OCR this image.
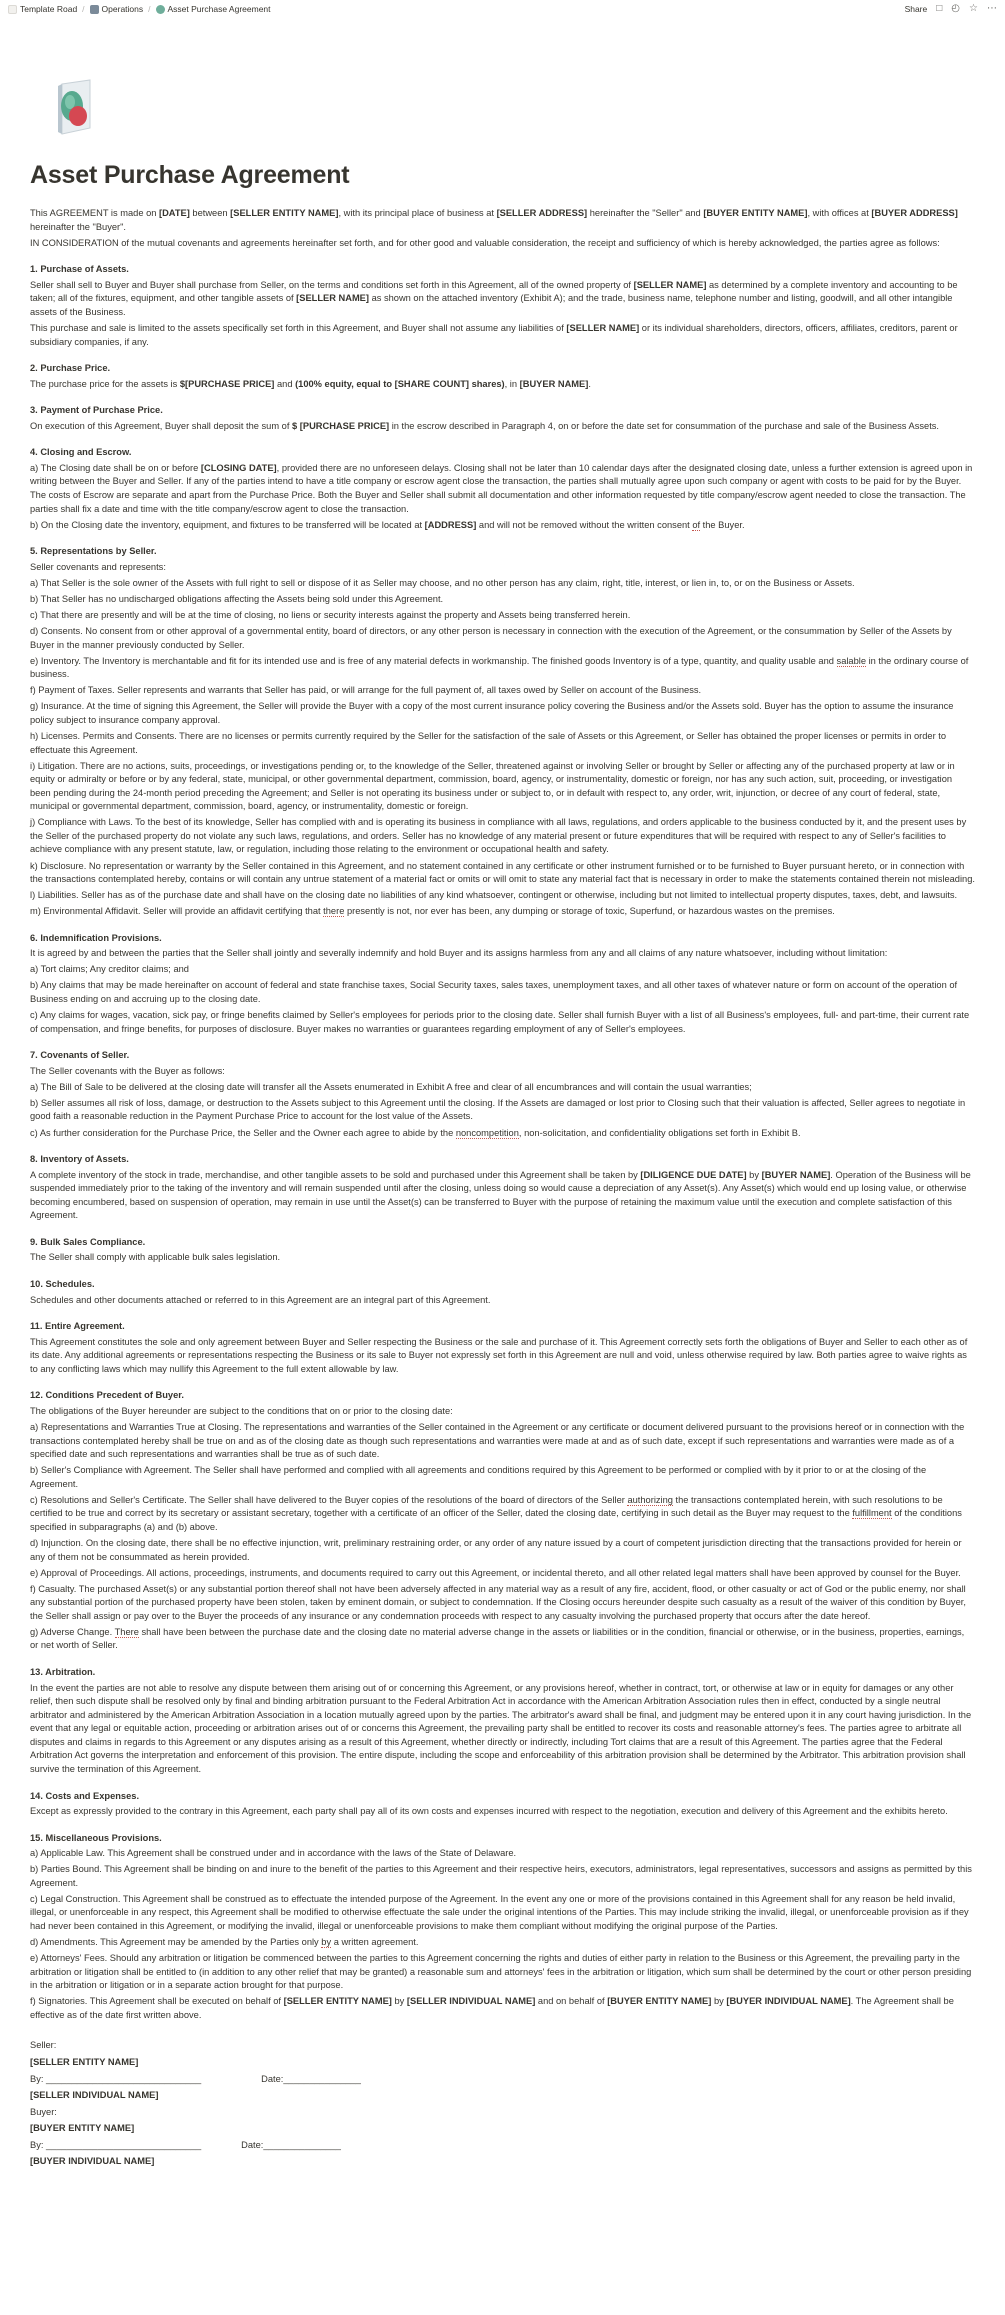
Template Road / Operations / Asset Purchase Agreement	Share □ ◴ ☆ ⋯
Asset Purchase Agreement

This AGREEMENT is made on [DATE] between [SELLER ENTITY NAME], with its principal place of business at [SELLER ADDRESS] hereinafter the "Seller" and [BUYER ENTITY NAME], with offices at [BUYER ADDRESS] hereinafter the "Buyer".

IN CONSIDERATION of the mutual covenants and agreements hereinafter set forth, and for other good and valuable consideration, the receipt and sufficiency of which is hereby acknowledged, the parties agree as follows:

1. Purchase of Assets.

Seller shall sell to Buyer and Buyer shall purchase from Seller, on the terms and conditions set forth in this Agreement, all of the owned property of [SELLER NAME] as determined by a complete inventory and accounting to be taken; all of the fixtures, equipment, and other tangible assets of [SELLER NAME] as shown on the attached inventory (Exhibit A); and the trade, business name, telephone number and listing, goodwill, and all other intangible assets of the Business.

This purchase and sale is limited to the assets specifically set forth in this Agreement, and Buyer shall not assume any liabilities of [SELLER NAME] or its individual shareholders, directors, officers, affiliates, creditors, parent or subsidiary companies, if any.

2. Purchase Price.

The purchase price for the assets is $[PURCHASE PRICE] and (100% equity, equal to [SHARE COUNT] shares), in [BUYER NAME].

3. Payment of Purchase Price.

On execution of this Agreement, Buyer shall deposit the sum of $ [PURCHASE PRICE] in the escrow described in Paragraph 4, on or before the date set for consummation of the purchase and sale of the Business Assets.

4. Closing and Escrow.

a) The Closing date shall be on or before [CLOSING DATE], provided there are no unforeseen delays. Closing shall not be later than 10 calendar days after the designated closing date, unless a further extension is agreed upon in writing between the Buyer and Seller. If any of the parties intend to have a title company or escrow agent close the transaction, the parties shall mutually agree upon such company or agent with costs to be paid for by the Buyer. The costs of Escrow are separate and apart from the Purchase Price. Both the Buyer and Seller shall submit all documentation and other information requested by title company/escrow agent needed to close the transaction. The parties shall fix a date and time with the title company/escrow agent to close the transaction.

b) On the Closing date the inventory, equipment, and fixtures to be transferred will be located at [ADDRESS] and will not be removed without the written consent of the Buyer.

5. Representations by Seller.

Seller covenants and represents:

a) That Seller is the sole owner of the Assets with full right to sell or dispose of it as Seller may choose, and no other person has any claim, right, title, interest, or lien in, to, or on the Business or Assets.

b) That Seller has no undischarged obligations affecting the Assets being sold under this Agreement.

c) That there are presently and will be at the time of closing, no liens or security interests against the property and Assets being transferred herein.

d) Consents. No consent from or other approval of a governmental entity, board of directors, or any other person is necessary in connection with the execution of the Agreement, or the consummation by Seller of the Assets by Buyer in the manner previously conducted by Seller.

e) Inventory. The Inventory is merchantable and fit for its intended use and is free of any material defects in workmanship. The finished goods Inventory is of a type, quantity, and quality usable and salable in the ordinary course of business.

f) Payment of Taxes. Seller represents and warrants that Seller has paid, or will arrange for the full payment of, all taxes owed by Seller on account of the Business.

g) Insurance. At the time of signing this Agreement, the Seller will provide the Buyer with a copy of the most current insurance policy covering the Business and/or the Assets sold. Buyer has the option to assume the insurance policy subject to insurance company approval.

h) Licenses. Permits and Consents. There are no licenses or permits currently required by the Seller for the satisfaction of the sale of Assets or this Agreement, or Seller has obtained the proper licenses or permits in order to effectuate this Agreement.

i) Litigation. There are no actions, suits, proceedings, or investigations pending or, to the knowledge of the Seller, threatened against or involving Seller or brought by Seller or affecting any of the purchased property at law or in equity or admiralty or before or by any federal, state, municipal, or other governmental department, commission, board, agency, or instrumentality, domestic or foreign, nor has any such action, suit, proceeding, or investigation been pending during the 24-month period preceding the Agreement; and Seller is not operating its business under or subject to, or in default with respect to, any order, writ, injunction, or decree of any court of federal, state, municipal or governmental department, commission, board, agency, or instrumentality, domestic or foreign.

j) Compliance with Laws. To the best of its knowledge, Seller has complied with and is operating its business in compliance with all laws, regulations, and orders applicable to the business conducted by it, and the present uses by the Seller of the purchased property do not violate any such laws, regulations, and orders. Seller has no knowledge of any material present or future expenditures that will be required with respect to any of Seller's facilities to achieve compliance with any present statute, law, or regulation, including those relating to the environment or occupational health and safety.

k) Disclosure. No representation or warranty by the Seller contained in this Agreement, and no statement contained in any certificate or other instrument furnished or to be furnished to Buyer pursuant hereto, or in connection with the transactions contemplated hereby, contains or will contain any untrue statement of a material fact or omits or will omit to state any material fact that is necessary in order to make the statements contained therein not misleading.

l) Liabilities. Seller has as of the purchase date and shall have on the closing date no liabilities of any kind whatsoever, contingent or otherwise, including but not limited to intellectual property disputes, taxes, debt, and lawsuits.

m) Environmental Affidavit. Seller will provide an affidavit certifying that there presently is not, nor ever has been, any dumping or storage of toxic, Superfund, or hazardous wastes on the premises.

6. Indemnification Provisions.

It is agreed by and between the parties that the Seller shall jointly and severally indemnify and hold Buyer and its assigns harmless from any and all claims of any nature whatsoever, including without limitation:

a) Tort claims; Any creditor claims; and

b) Any claims that may be made hereinafter on account of federal and state franchise taxes, Social Security taxes, sales taxes, unemployment taxes, and all other taxes of whatever nature or form on account of the operation of Business ending on and accruing up to the closing date.

c) Any claims for wages, vacation, sick pay, or fringe benefits claimed by Seller's employees for periods prior to the closing date. Seller shall furnish Buyer with a list of all Business's employees, full- and part-time, their current rate of compensation, and fringe benefits, for purposes of disclosure. Buyer makes no warranties or guarantees regarding employment of any of Seller's employees.

7. Covenants of Seller.

The Seller covenants with the Buyer as follows:

a) The Bill of Sale to be delivered at the closing date will transfer all the Assets enumerated in Exhibit A free and clear of all encumbrances and will contain the usual warranties;

b) Seller assumes all risk of loss, damage, or destruction to the Assets subject to this Agreement until the closing. If the Assets are damaged or lost prior to Closing such that their valuation is affected, Seller agrees to negotiate in good faith a reasonable reduction in the Payment Purchase Price to account for the lost value of the Assets.

c) As further consideration for the Purchase Price, the Seller and the Owner each agree to abide by the noncompetition, non-solicitation, and confidentiality obligations set forth in Exhibit B.

8. Inventory of Assets.

A complete inventory of the stock in trade, merchandise, and other tangible assets to be sold and purchased under this Agreement shall be taken by [DILIGENCE DUE DATE] by [BUYER NAME]. Operation of the Business will be suspended immediately prior to the taking of the inventory and will remain suspended until after the closing, unless doing so would cause a depreciation of any Asset(s). Any Asset(s) which would end up losing value, or otherwise becoming encumbered, based on suspension of operation, may remain in use until the Asset(s) can be transferred to Buyer with the purpose of retaining the maximum value until the execution and complete satisfaction of this Agreement.

9. Bulk Sales Compliance.

The Seller shall comply with applicable bulk sales legislation.

10. Schedules.

Schedules and other documents attached or referred to in this Agreement are an integral part of this Agreement.

11. Entire Agreement.

This Agreement constitutes the sole and only agreement between Buyer and Seller respecting the Business or the sale and purchase of it. This Agreement correctly sets forth the obligations of Buyer and Seller to each other as of its date. Any additional agreements or representations respecting the Business or its sale to Buyer not expressly set forth in this Agreement are null and void, unless otherwise required by law. Both parties agree to waive rights as to any conflicting laws which may nullify this Agreement to the full extent allowable by law.

12. Conditions Precedent of Buyer.

The obligations of the Buyer hereunder are subject to the conditions that on or prior to the closing date:

a) Representations and Warranties True at Closing. The representations and warranties of the Seller contained in the Agreement or any certificate or document delivered pursuant to the provisions hereof or in connection with the transactions contemplated hereby shall be true on and as of the closing date as though such representations and warranties were made at and as of such date, except if such representations and warranties were made as of a specified date and such representations and warranties shall be true as of such date.

b) Seller's Compliance with Agreement. The Seller shall have performed and complied with all agreements and conditions required by this Agreement to be performed or complied with by it prior to or at the closing of the Agreement.

c) Resolutions and Seller's Certificate. The Seller shall have delivered to the Buyer copies of the resolutions of the board of directors of the Seller authorizing the transactions contemplated herein, with such resolutions to be certified to be true and correct by its secretary or assistant secretary, together with a certificate of an officer of the Seller, dated the closing date, certifying in such detail as the Buyer may request to the fulfillment of the conditions specified in subparagraphs (a) and (b) above.

d) Injunction. On the closing date, there shall be no effective injunction, writ, preliminary restraining order, or any order of any nature issued by a court of competent jurisdiction directing that the transactions provided for herein or any of them not be consummated as herein provided.

e) Approval of Proceedings. All actions, proceedings, instruments, and documents required to carry out this Agreement, or incidental thereto, and all other related legal matters shall have been approved by counsel for the Buyer.

f) Casualty. The purchased Asset(s) or any substantial portion thereof shall not have been adversely affected in any material way as a result of any fire, accident, flood, or other casualty or act of God or the public enemy, nor shall any substantial portion of the purchased property have been stolen, taken by eminent domain, or subject to condemnation. If the Closing occurs hereunder despite such casualty as a result of the waiver of this condition by Buyer, the Seller shall assign or pay over to the Buyer the proceeds of any insurance or any condemnation proceeds with respect to any casualty involving the purchased property that occurs after the date hereof.

g) Adverse Change. There shall have been between the purchase date and the closing date no material adverse change in the assets or liabilities or in the condition, financial or otherwise, or in the business, properties, earnings, or net worth of Seller.

13. Arbitration.

In the event the parties are not able to resolve any dispute between them arising out of or concerning this Agreement, or any provisions hereof, whether in contract, tort, or otherwise at law or in equity for damages or any other relief, then such dispute shall be resolved only by final and binding arbitration pursuant to the Federal Arbitration Act in accordance with the American Arbitration Association rules then in effect, conducted by a single neutral arbitrator and administered by the American Arbitration Association in a location mutually agreed upon by the parties. The arbitrator's award shall be final, and judgment may be entered upon it in any court having jurisdiction. In the event that any legal or equitable action, proceeding or arbitration arises out of or concerns this Agreement, the prevailing party shall be entitled to recover its costs and reasonable attorney's fees. The parties agree to arbitrate all disputes and claims in regards to this Agreement or any disputes arising as a result of this Agreement, whether directly or indirectly, including Tort claims that are a result of this Agreement. The parties agree that the Federal Arbitration Act governs the interpretation and enforcement of this provision. The entire dispute, including the scope and enforceability of this arbitration provision shall be determined by the Arbitrator. This arbitration provision shall survive the termination of this Agreement.

14. Costs and Expenses.

Except as expressly provided to the contrary in this Agreement, each party shall pay all of its own costs and expenses incurred with respect to the negotiation, execution and delivery of this Agreement and the exhibits hereto.

15. Miscellaneous Provisions.

a) Applicable Law. This Agreement shall be construed under and in accordance with the laws of the State of Delaware.

b) Parties Bound. This Agreement shall be binding on and inure to the benefit of the parties to this Agreement and their respective heirs, executors, administrators, legal representatives, successors and assigns as permitted by this Agreement.

c) Legal Construction. This Agreement shall be construed as to effectuate the intended purpose of the Agreement. In the event any one or more of the provisions contained in this Agreement shall for any reason be held invalid, illegal, or unenforceable in any respect, this Agreement shall be modified to otherwise effectuate the sale under the original intentions of the Parties. This may include striking the invalid, illegal, or unenforceable provision as if they had never been contained in this Agreement, or modifying the invalid, illegal or unenforceable provisions to make them compliant without modifying the original purpose of the Parties.

d) Amendments. This Agreement may be amended by the Parties only by a written agreement.

e) Attorneys' Fees. Should any arbitration or litigation be commenced between the parties to this Agreement concerning the rights and duties of either party in relation to the Business or this Agreement, the prevailing party in the arbitration or litigation shall be entitled to (in addition to any other relief that may be granted) a reasonable sum and attorneys' fees in the arbitration or litigation, which sum shall be determined by the court or other person presiding in the arbitration or litigation or in a separate action brought for that purpose.

f) Signatories. This Agreement shall be executed on behalf of [SELLER ENTITY NAME] by [SELLER INDIVIDUAL NAME] and on behalf of [BUYER ENTITY NAME] by [BUYER INDIVIDUAL NAME]. The Agreement shall be effective as of the date first written above.

Seller:

[SELLER ENTITY NAME]

By: ______________________________	Date:_______________

[SELLER INDIVIDUAL NAME]

Buyer:

[BUYER ENTITY NAME]

By: ______________________________	Date:_______________

[BUYER INDIVIDUAL NAME]
